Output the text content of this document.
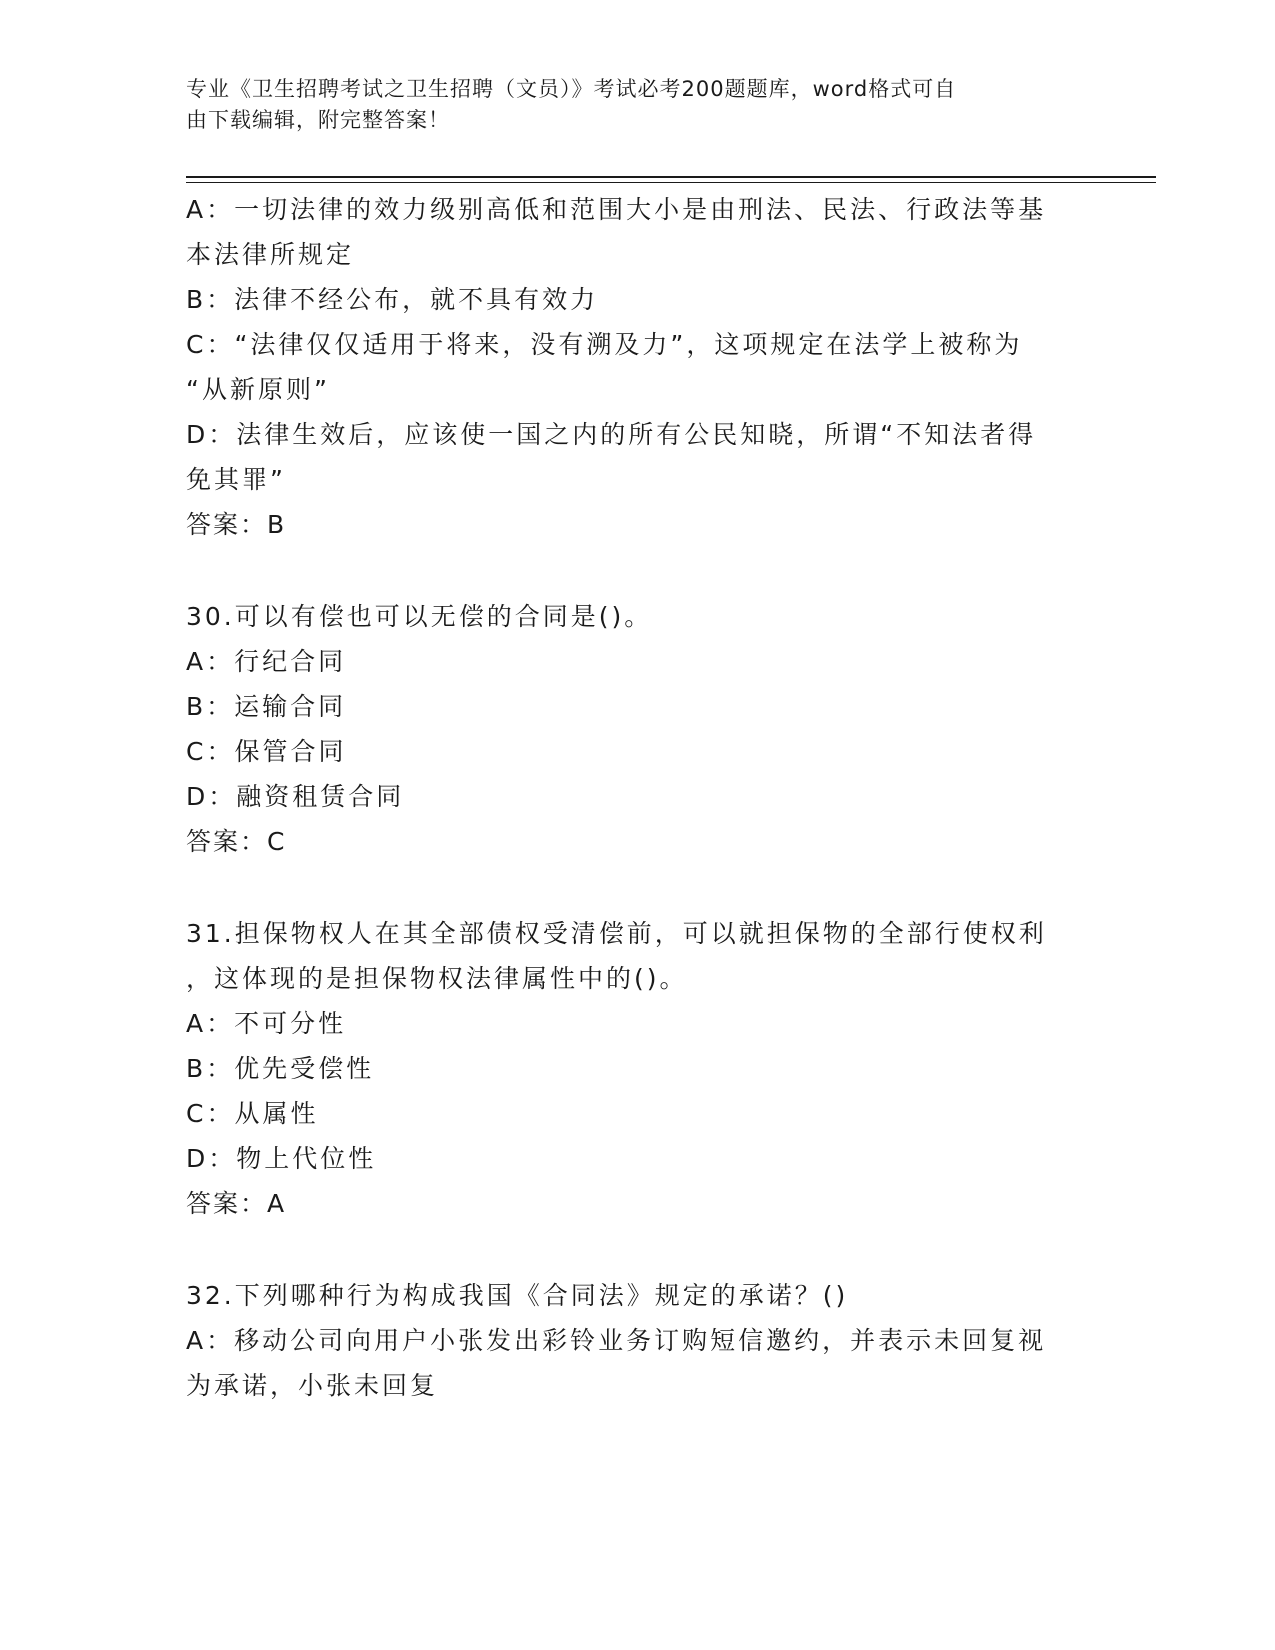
专业《卫生招聘考试之卫生招聘（文员）》考试必考200题题库，word格式可自
由下载编辑，附完整答案！
A：一切法律的效力级别高低和范围大小是由刑法、民法、行政法等基
本法律所规定
B：法律不经公布，就不具有效力
C：“法律仅仅适用于将来，没有溯及力”，这项规定在法学上被称为
“从新原则”
D：法律生效后，应该使一国之内的所有公民知晓，所谓“不知法者得
免其罪”
答案：B
30.可以有偿也可以无偿的合同是()。
A：行纪合同
B：运输合同
C：保管合同
D：融资租赁合同
答案：C
31.担保物权人在其全部债权受清偿前，可以就担保物的全部行使权利
，这体现的是担保物权法律属性中的()。
A：不可分性
B：优先受偿性
C：从属性
D：物上代位性
答案：A
32.下列哪种行为构成我国《合同法》规定的承诺？()
A：移动公司向用户小张发出彩铃业务订购短信邀约，并表示未回复视
为承诺，小张未回复
